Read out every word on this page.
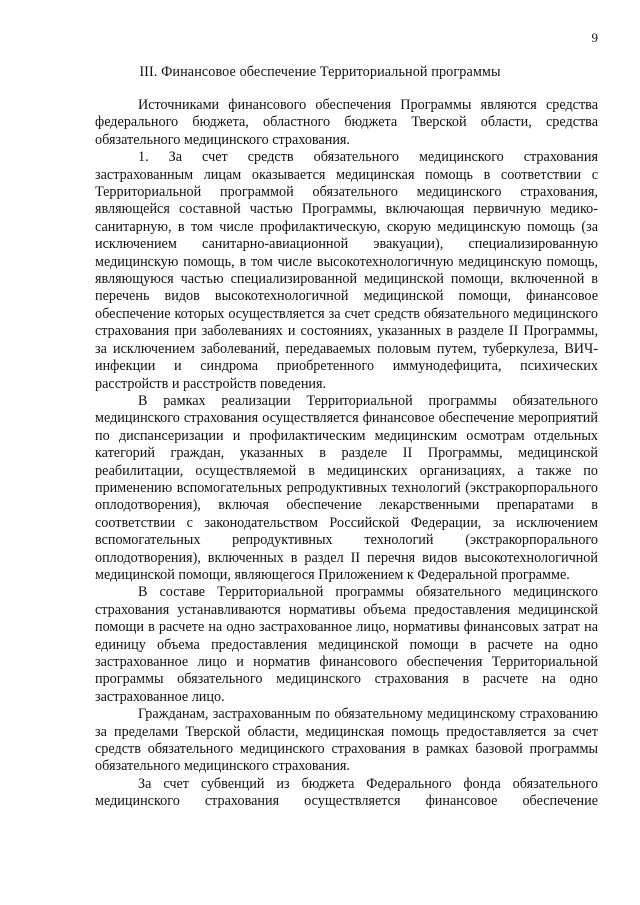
9
III. Финансовое обеспечение Территориальной программы

Источниками финансового обеспечения Программы являются средства федерального бюджета, областного бюджета Тверской области, средства обязательного медицинского страхования.

1. За счет средств обязательного медицинского страхования застрахованным лицам оказывается медицинская помощь в соответствии с Территориальной программой обязательного медицинского страхования, являющейся составной частью Программы, включающая первичную медико-санитарную, в том числе профилактическую, скорую медицинскую помощь (за исключением санитарно-авиационной эвакуации), специализированную медицинскую помощь, в том числе высокотехнологичную медицинскую помощь, являющуюся частью специализированной медицинской помощи, включенной в перечень видов высокотехнологичной медицинской помощи, финансовое обеспечение которых осуществляется за счет средств обязательного медицинского страхования при заболеваниях и состояниях, указанных в разделе II Программы, за исключением заболеваний, передаваемых половым путем, туберкулеза, ВИЧ-инфекции и синдрома приобретенного иммунодефицита, психических расстройств и расстройств поведения.

В рамках реализации Территориальной программы обязательного медицинского страхования осуществляется финансовое обеспечение мероприятий по диспансеризации и профилактическим медицинским осмотрам отдельных категорий граждан, указанных в разделе II Программы, медицинской реабилитации, осуществляемой в медицинских организациях, а также по применению вспомогательных репродуктивных технологий (экстракорпорального оплодотворения), включая обеспечение лекарственными препаратами в соответствии с законодательством Российской Федерации, за исключением вспомогательных репродуктивных технологий (экстракорпорального оплодотворения), включенных в раздел II перечня видов высокотехнологичной медицинской помощи, являющегося Приложением к Федеральной программе.

В составе Территориальной программы обязательного медицинского страхования устанавливаются нормативы объема предоставления медицинской помощи в расчете на одно застрахованное лицо, нормативы финансовых затрат на единицу объема предоставления медицинской помощи в расчете на одно застрахованное лицо и норматив финансового обеспечения Территориальной программы обязательного медицинского страхования в расчете на одно застрахованное лицо.

Гражданам, застрахованным по обязательному медицинскому страхованию за пределами Тверской области, медицинская помощь предоставляется за счет средств обязательного медицинского страхования в рамках базовой программы обязательного медицинского страхования.

За счет субвенций из бюджета Федерального фонда обязательного медицинского страхования осуществляется финансовое обеспечение
